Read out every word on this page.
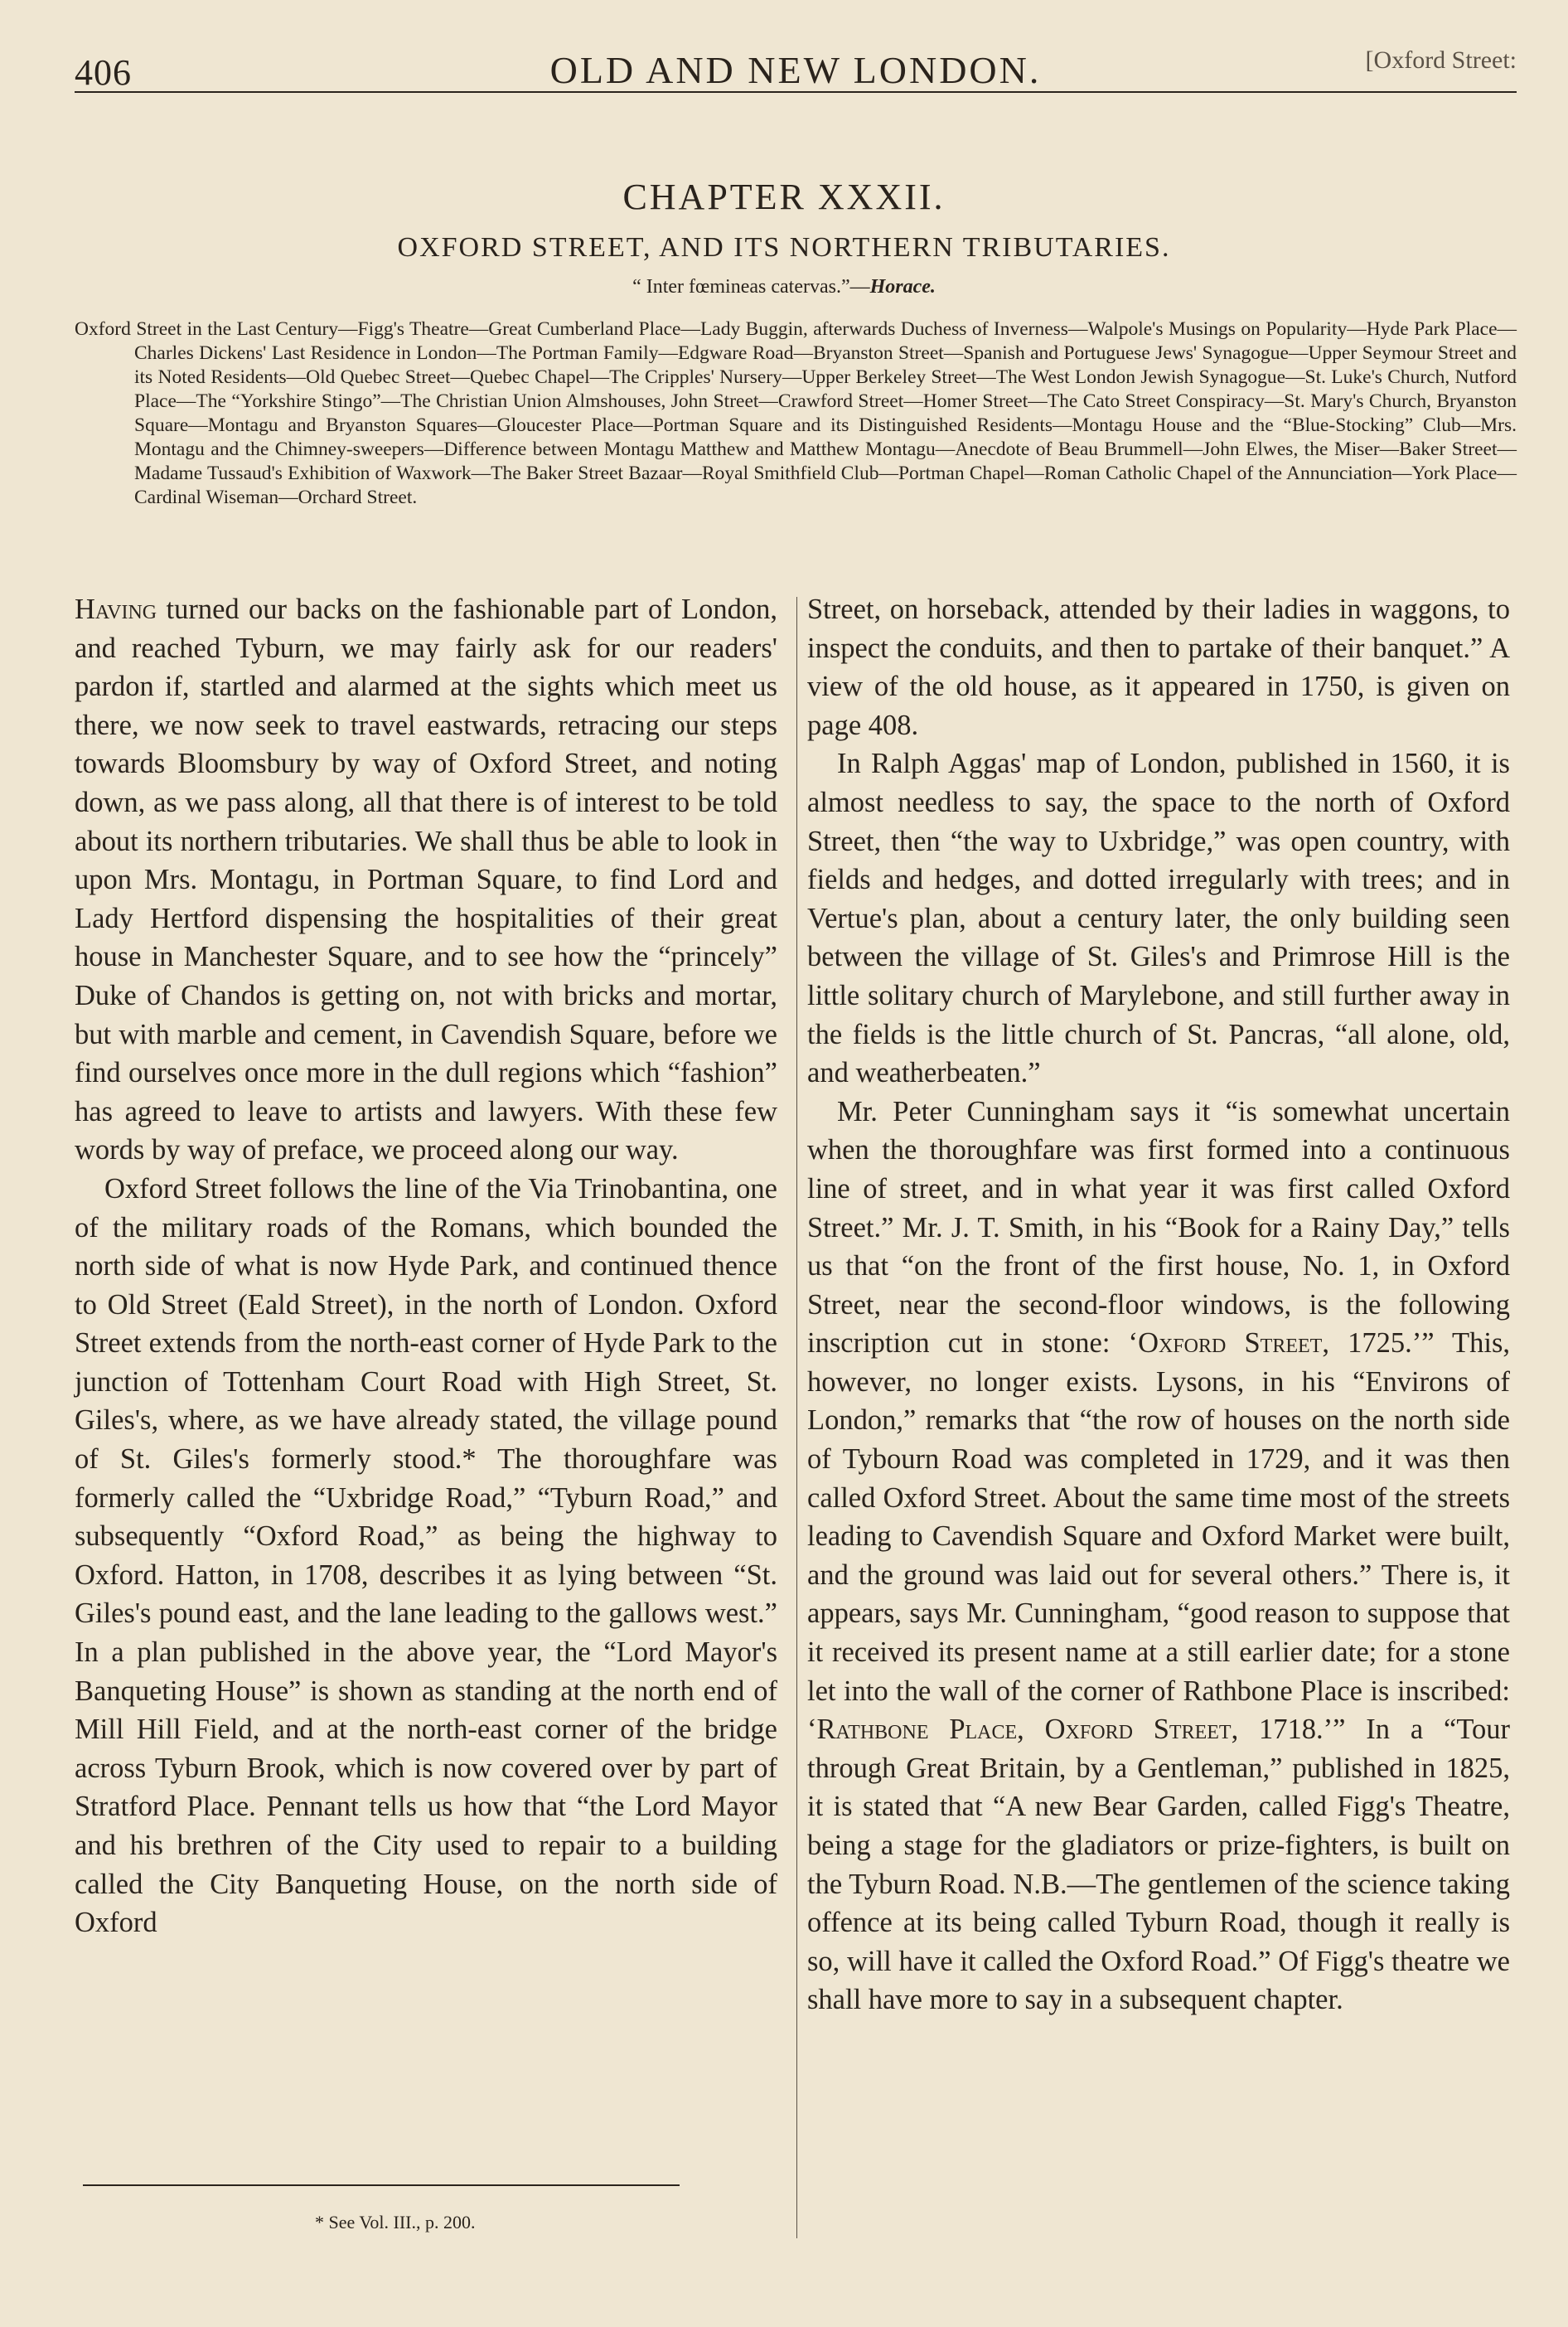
406	OLD AND NEW LONDON.	[Oxford Street:
CHAPTER XXXII.
OXFORD STREET, AND ITS NORTHERN TRIBUTARIES.
“ Inter fœmineas catervas.”—Horace.
Oxford Street in the Last Century—Figg's Theatre—Great Cumberland Place—Lady Buggin, afterwards Duchess of Inverness—Walpole's Musings on Popularity—Hyde Park Place—Charles Dickens' Last Residence in London—The Portman Family—Edgware Road—Bryanston Street—Spanish and Portuguese Jews' Synagogue—Upper Seymour Street and its Noted Residents—Old Quebec Street—Quebec Chapel—The Cripples' Nursery—Upper Berkeley Street—The West London Jewish Synagogue—St. Luke's Church, Nutford Place—The “Yorkshire Stingo”—The Christian Union Almshouses, John Street—Crawford Street—Homer Street—The Cato Street Conspiracy—St. Mary's Church, Bryanston Square—Montagu and Bryanston Squares—Gloucester Place—Portman Square and its Distinguished Residents—Montagu House and the “Blue-Stocking” Club—Mrs. Montagu and the Chimney-sweepers—Difference between Montagu Matthew and Matthew Montagu—Anecdote of Beau Brummell—John Elwes, the Miser—Baker Street—Madame Tussaud's Exhibition of Waxwork—The Baker Street Bazaar—Royal Smithfield Club—Portman Chapel—Roman Catholic Chapel of the Annunciation—York Place—Cardinal Wiseman—Orchard Street.

Having turned our backs on the fashionable part of London, and reached Tyburn, we may fairly ask for our readers' pardon if, startled and alarmed at the sights which meet us there, we now seek to travel eastwards, retracing our steps towards Bloomsbury by way of Oxford Street, and noting down, as we pass along, all that there is of interest to be told about its northern tributaries. We shall thus be able to look in upon Mrs. Montagu, in Portman Square, to find Lord and Lady Hertford dispensing the hospitalities of their great house in Manchester Square, and to see how the “princely” Duke of Chandos is getting on, not with bricks and mortar, but with marble and cement, in Cavendish Square, before we find ourselves once more in the dull regions which “fashion” has agreed to leave to artists and lawyers. With these few words by way of preface, we proceed along our way.

Oxford Street follows the line of the Via Trinobantina, one of the military roads of the Romans, which bounded the north side of what is now Hyde Park, and continued thence to Old Street (Eald Street), in the north of London. Oxford Street extends from the north-east corner of Hyde Park to the junction of Tottenham Court Road with High Street, St. Giles's, where, as we have already stated, the village pound of St. Giles's formerly stood.* The thoroughfare was formerly called the “Uxbridge Road,” “Tyburn Road,” and subsequently “Oxford Road,” as being the highway to Oxford. Hatton, in 1708, describes it as lying between “St. Giles's pound east, and the lane leading to the gallows west.” In a plan published in the above year, the “Lord Mayor's Banqueting House” is shown as standing at the north end of Mill Hill Field, and at the north-east corner of the bridge across Tyburn Brook, which is now covered over by part of Stratford Place. Pennant tells us how that “the Lord Mayor and his brethren of the City used to repair to a building called the City Banqueting House, on the north side of Oxford

Street, on horseback, attended by their ladies in waggons, to inspect the conduits, and then to partake of their banquet.” A view of the old house, as it appeared in 1750, is given on page 408.

In Ralph Aggas' map of London, published in 1560, it is almost needless to say, the space to the north of Oxford Street, then “the way to Uxbridge,” was open country, with fields and hedges, and dotted irregularly with trees; and in Vertue's plan, about a century later, the only building seen between the village of St. Giles's and Primrose Hill is the little solitary church of Marylebone, and still further away in the fields is the little church of St. Pancras, “all alone, old, and weatherbeaten.”

Mr. Peter Cunningham says it “is somewhat uncertain when the thoroughfare was first formed into a continuous line of street, and in what year it was first called Oxford Street.” Mr. J. T. Smith, in his “Book for a Rainy Day,” tells us that “on the front of the first house, No. 1, in Oxford Street, near the second-floor windows, is the following inscription cut in stone: ‘Oxford Street, 1725.’” This, however, no longer exists. Lysons, in his “Environs of London,” remarks that “the row of houses on the north side of Tybourn Road was completed in 1729, and it was then called Oxford Street. About the same time most of the streets leading to Cavendish Square and Oxford Market were built, and the ground was laid out for several others.” There is, it appears, says Mr. Cunningham, “good reason to suppose that it received its present name at a still earlier date; for a stone let into the wall of the corner of Rathbone Place is inscribed: ‘Rathbone Place, Oxford Street, 1718.’” In a “Tour through Great Britain, by a Gentleman,” published in 1825, it is stated that “A new Bear Garden, called Figg's Theatre, being a stage for the gladiators or prize-fighters, is built on the Tyburn Road. N.B.—The gentlemen of the science taking offence at its being called Tyburn Road, though it really is so, will have it called the Oxford Road.” Of Figg's theatre we shall have more to say in a subsequent chapter.

* See Vol. III., p. 200.
